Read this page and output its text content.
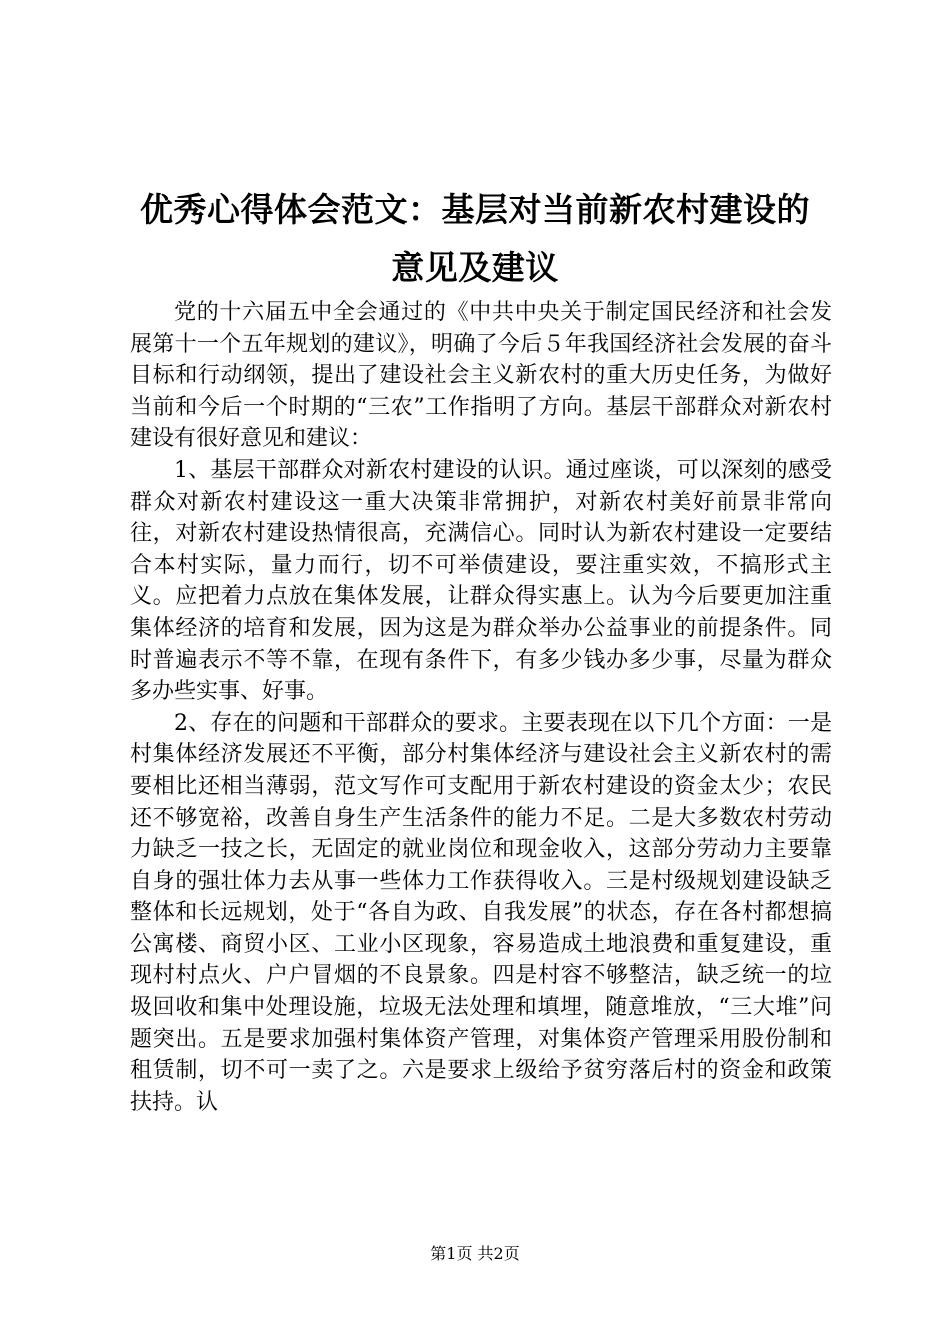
优秀心得体会范文：基层对当前新农村建设的
意见及建议

党的十六届五中全会通过的《中共中央关于制定国民经济和社会发展第十一个五年规划的建议》，明确了今后５年我国经济社会发展的奋斗目标和行动纲领，提出了建设社会主义新农村的重大历史任务，为做好当前和今后一个时期的“三农”工作指明了方向。基层干部群众对新农村建设有很好意见和建议：

1、基层干部群众对新农村建设的认识。通过座谈，可以深刻的感受群众对新农村建设这一重大决策非常拥护，对新农村美好前景非常向往，对新农村建设热情很高，充满信心。同时认为新农村建设一定要结合本村实际，量力而行，切不可举债建设，要注重实效，不搞形式主义。应把着力点放在集体发展，让群众得实惠上。认为今后要更加注重集体经济的培育和发展，因为这是为群众举办公益事业的前提条件。同时普遍表示不等不靠，在现有条件下，有多少钱办多少事，尽量为群众多办些实事、好事。

2、存在的问题和干部群众的要求。主要表现在以下几个方面：一是村集体经济发展还不平衡，部分村集体经济与建设社会主义新农村的需要相比还相当薄弱，范文写作可支配用于新农村建设的资金太少；农民还不够宽裕，改善自身生产生活条件的能力不足。二是大多数农村劳动力缺乏一技之长，无固定的就业岗位和现金收入，这部分劳动力主要靠自身的强壮体力去从事一些体力工作获得收入。三是村级规划建设缺乏整体和长远规划，处于“各自为政、自我发展”的状态，存在各村都想搞公寓楼、商贸小区、工业小区现象，容易造成土地浪费和重复建设，重现村村点火、户户冒烟的不良景象。四是村容不够整洁，缺乏统一的垃圾回收和集中处理设施，垃圾无法处理和填埋，随意堆放，“三大堆”问题突出。五是要求加强村集体资产管理，对集体资产管理采用股份制和租赁制，切不可一卖了之。六是要求上级给予贫穷落后村的资金和政策扶持。认

第1页 共2页
